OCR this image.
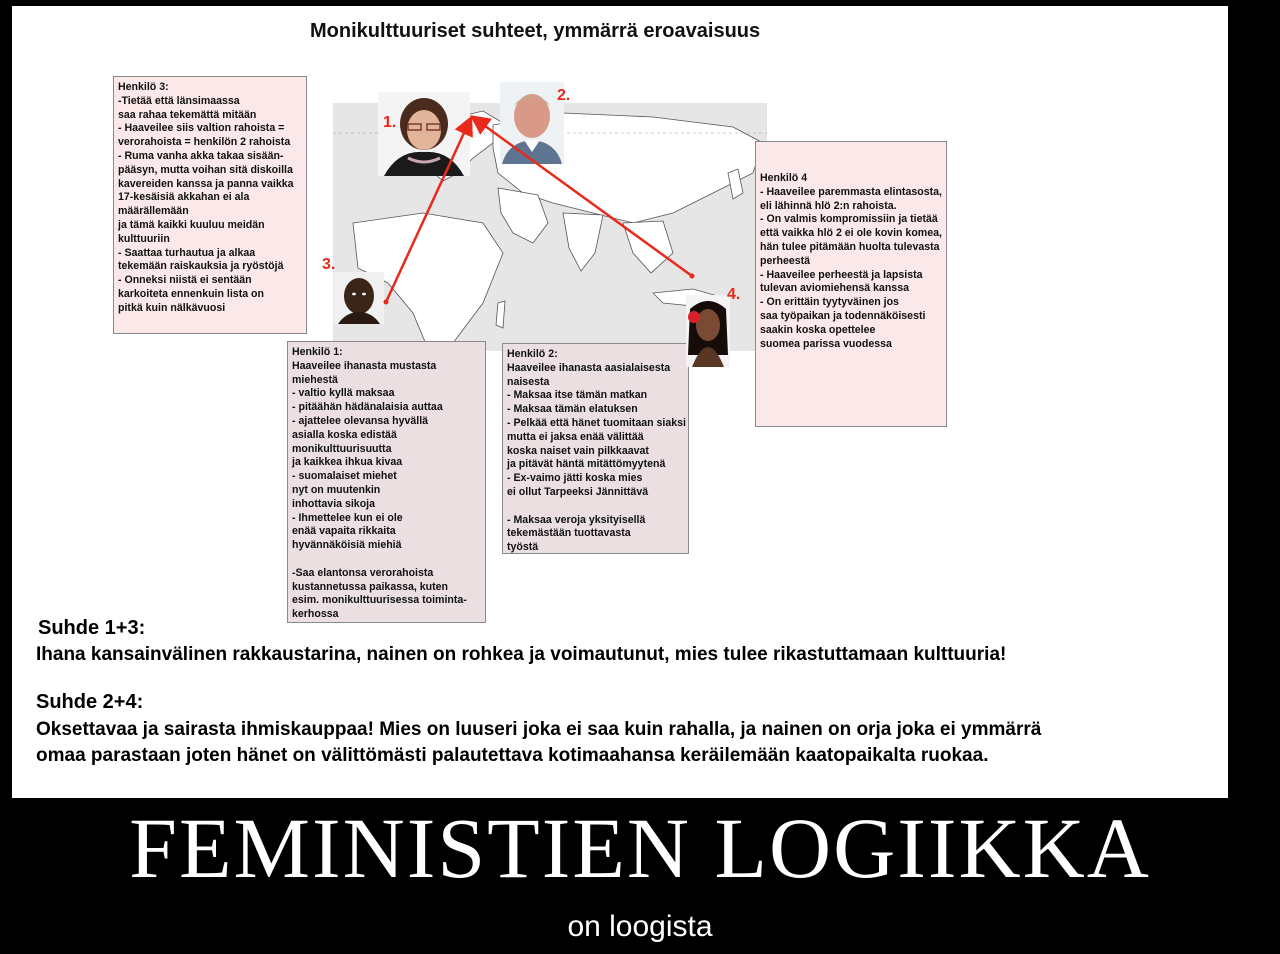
Monikulttuuriset suhteet, ymmärrä eroavaisuus
Henkilö 3:
-Tietää että länsimaassa
saa rahaa tekemättä mitään
- Haaveilee siis valtion rahoista =
verorahoista = henkilön 2 rahoista
- Ruma vanha akka takaa sisään-
pääsyn, mutta voihan sitä diskoilla
kavereiden kanssa ja panna vaikka
17-kesäisiä akkahan ei ala
määrällemään
ja tämä kaikki kuuluu meidän
kulttuuriin
- Saattaa turhautua ja alkaa
tekemään raiskauksia ja ryöstöjä
- Onneksi niistä ei sentään
karkoiteta ennenkuin lista on
pitkä kuin nälkävuosi
Henkilö 4
- Haaveilee paremmasta elintasosta,
eli lähinnä hlö 2:n rahoista.
- On valmis kompromissiin ja tietää
että vaikka hlö 2 ei ole kovin komea,
hän tulee pitämään huolta tulevasta
perheestä
- Haaveilee perheestä ja lapsista
tulevan aviomiehensä kanssa
- On erittäin tyytyväinen jos
saa työpaikan ja todennäköisesti
saakin koska opettelee
suomea parissa vuodessa
Henkilö 1:
Haaveilee ihanasta mustasta
miehestä
- valtio kyllä maksaa
- pitäähän hädänalaisia auttaa
- ajattelee olevansa hyvällä
asialla koska edistää
monikulttuurisuutta
ja kaikkea ihkua kivaa
- suomalaiset miehet
nyt on muutenkin
inhottavia sikoja
- Ihmettelee kun ei ole
enää vapaita rikkaita
hyvännäköisiä miehiä

-Saa elantonsa verorahoista
kustannetussa paikassa, kuten
esim. monikulttuurisessa toiminta-
kerhossa
Henkilö 2:
Haaveilee ihanasta aasialaisesta
naisesta
- Maksaa itse tämän matkan
- Maksaa tämän elatuksen
- Pelkää että hänet tuomitaan siaksi
mutta ei jaksa enää välittää
koska naiset vain pilkkaavat
ja pitävät häntä mitättömyytenä
- Ex-vaimo jätti koska mies
ei ollut Tarpeeksi Jännittävä

- Maksaa veroja yksityisellä
tekemästään tuottavasta
työstä
1.
2.
3.
4.
Suhde 1+3:
Ihana kansainvälinen rakkaustarina, nainen on rohkea ja voimautunut, mies tulee rikastuttamaan kulttuuria!
Suhde 2+4:
Oksettavaa ja sairasta ihmiskauppaa! Mies on luuseri joka ei saa kuin rahalla, ja nainen on orja joka ei ymmärrä
omaa parastaan joten hänet on välittömästi palautettava kotimaahansa keräilemään kaatopaikalta ruokaa.
FEMINISTIEN LOGIIKKA
on loogista
